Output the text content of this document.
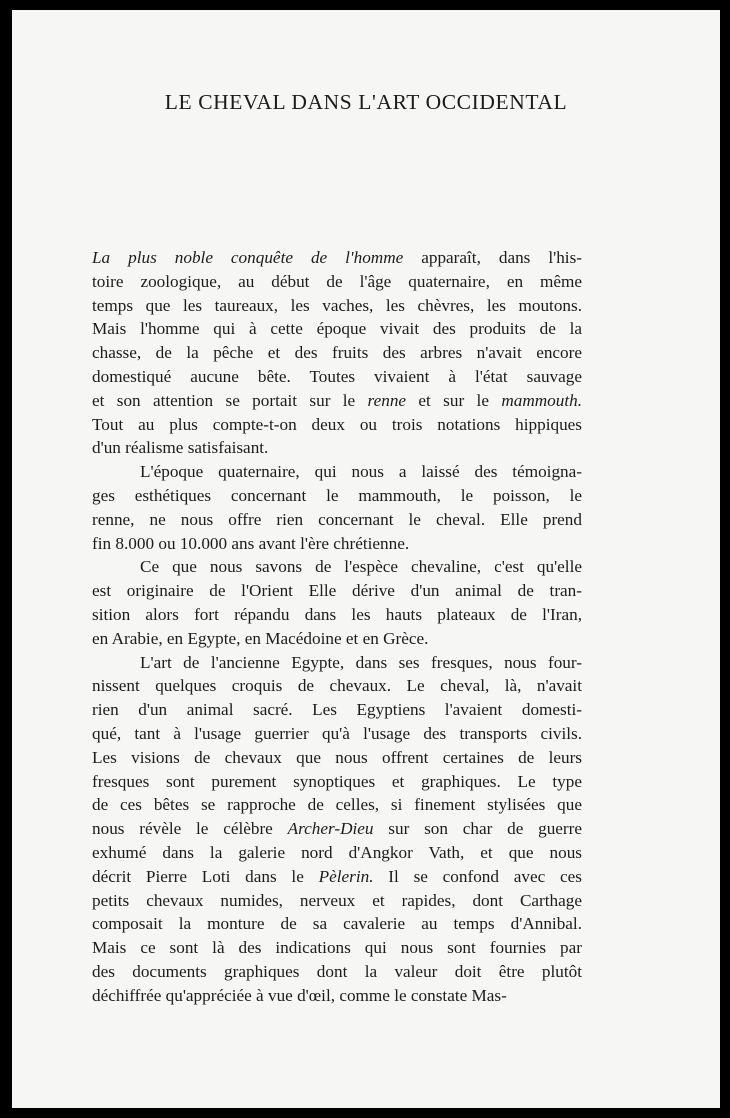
LE CHEVAL DANS L'ART OCCIDENTAL
La plus noble conquête de l'homme apparaît, dans l'his-
toire zoologique, au début de l'âge quaternaire, en même
temps que les taureaux, les vaches, les chèvres, les moutons.
Mais l'homme qui à cette époque vivait des produits de la
chasse, de la pêche et des fruits des arbres n'avait encore
domestiqué aucune bête. Toutes vivaient à l'état sauvage
et son attention se portait sur le renne et sur le mammouth.
Tout au plus compte-t-on deux ou trois notations hippiques
d'un réalisme satisfaisant.
L'époque quaternaire, qui nous a laissé des témoigna-
ges esthétiques concernant le mammouth, le poisson, le
renne, ne nous offre rien concernant le cheval. Elle prend
fin 8.000 ou 10.000 ans avant l'ère chrétienne.
Ce que nous savons de l'espèce chevaline, c'est qu'elle
est originaire de l'Orient Elle dérive d'un animal de tran-
sition alors fort répandu dans les hauts plateaux de l'Iran,
en Arabie, en Egypte, en Macédoine et en Grèce.
L'art de l'ancienne Egypte, dans ses fresques, nous four-
nissent quelques croquis de chevaux. Le cheval, là, n'avait
rien d'un animal sacré. Les Egyptiens l'avaient domesti-
qué, tant à l'usage guerrier qu'à l'usage des transports civils.
Les visions de chevaux que nous offrent certaines de leurs
fresques sont purement synoptiques et graphiques. Le type
de ces bêtes se rapproche de celles, si finement stylisées que
nous révèle le célèbre Archer-Dieu sur son char de guerre
exhumé dans la galerie nord d'Angkor Vath, et que nous
décrit Pierre Loti dans le Pèlerin. Il se confond avec ces
petits chevaux numides, nerveux et rapides, dont Carthage
composait la monture de sa cavalerie au temps d'Annibal.
Mais ce sont là des indications qui nous sont fournies par
des documents graphiques dont la valeur doit être plutôt
déchiffrée qu'appréciée à vue d'œil, comme le constate Mas-
